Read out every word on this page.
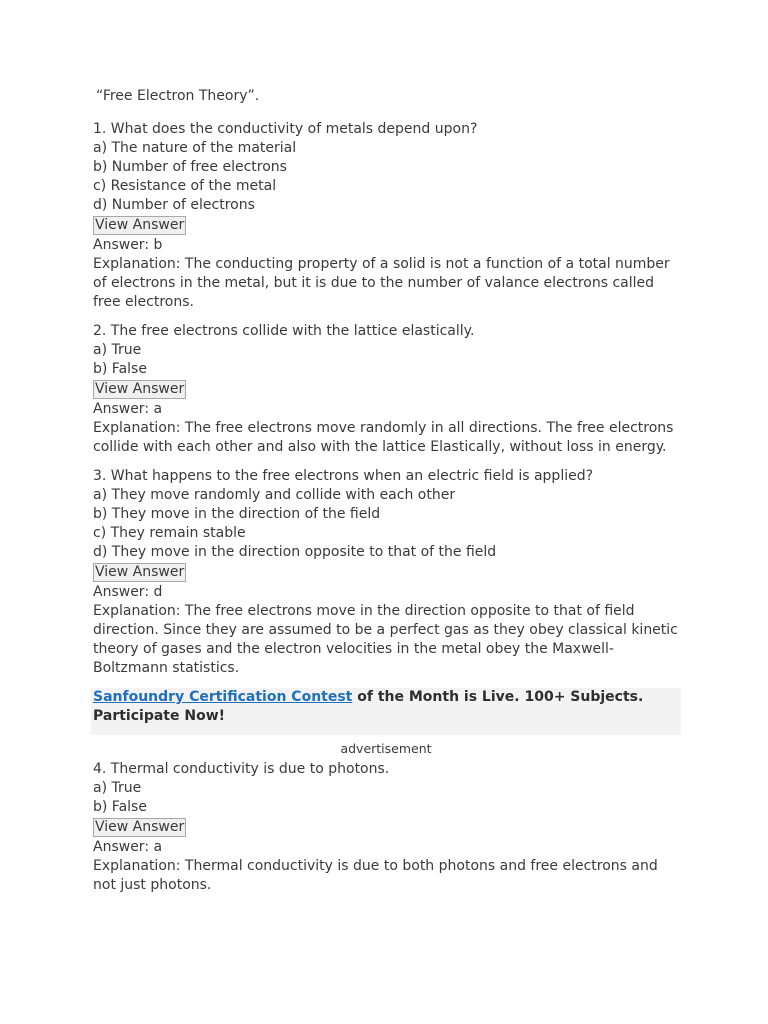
“Free Electron Theory”.
1. What does the conductivity of metals depend upon?
a) The nature of the material
b) Number of free electrons
c) Resistance of the metal
d) Number of electrons
View Answer
Answer: b
Explanation: The conducting property of a solid is not a function of a total number of electrons in the metal, but it is due to the number of valance electrons called free electrons.
2. The free electrons collide with the lattice elastically.
a) True
b) False
View Answer
Answer: a
Explanation: The free electrons move randomly in all directions. The free electrons collide with each other and also with the lattice Elastically, without loss in energy.
3. What happens to the free electrons when an electric field is applied?
a) They move randomly and collide with each other
b) They move in the direction of the field
c) They remain stable
d) They move in the direction opposite to that of the field
View Answer
Answer: d
Explanation: The free electrons move in the direction opposite to that of field direction. Since they are assumed to be a perfect gas as they obey classical kinetic theory of gases and the electron velocities in the metal obey the Maxwell-Boltzmann statistics.
Sanfoundry Certification Contest of the Month is Live. 100+ Subjects. Participate Now!
advertisement
4. Thermal conductivity is due to photons.
a) True
b) False
View Answer
Answer: a
Explanation: Thermal conductivity is due to both photons and free electrons and not just photons.
